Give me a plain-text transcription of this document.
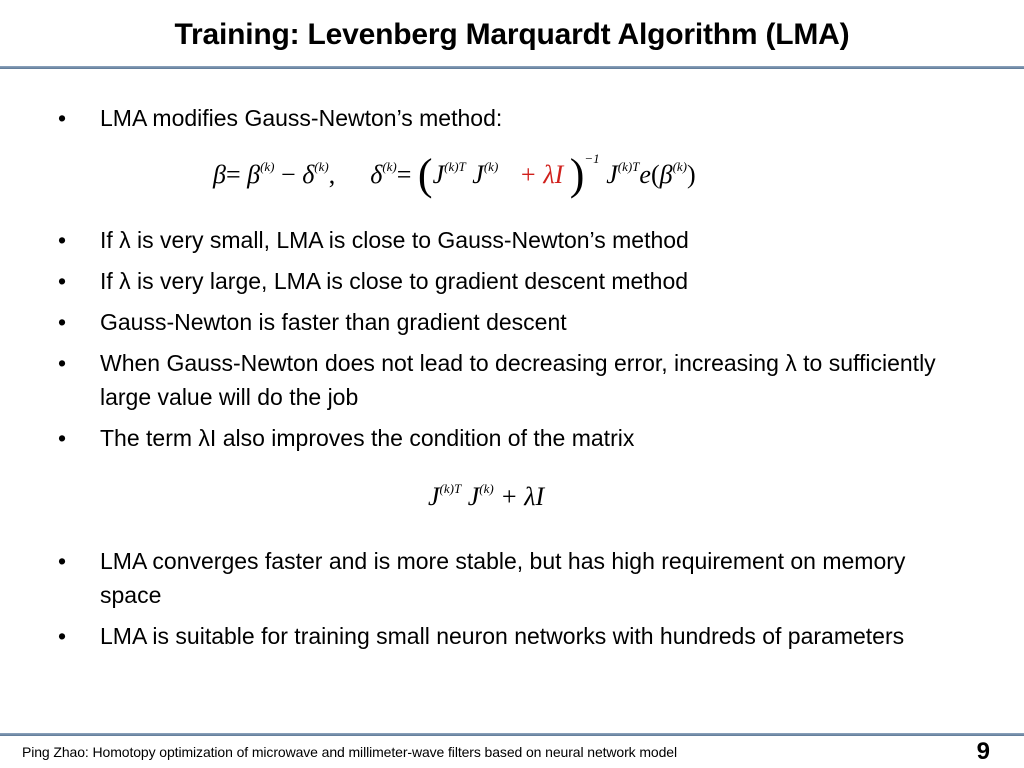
Training: Levenberg Marquardt Algorithm (LMA)
• LMA modifies Gauss-Newton’s method:
$\beta= \beta^{(k)} - \delta^{(k)}$, $\delta^{(k)}= (J^{(k)T}$ $J^{(k)} + \lambda I$ )$^{-1}$ $J^{(k)T}e(\beta^{(k)})$
• If λ is very small, LMA is close to Gauss-Newton’s method
• If λ is very large, LMA is close to gradient descent method
• Gauss-Newton is faster than gradient descent
• When Gauss-Newton does not lead to decreasing error, increasing λ to sufficiently large value will do the job
• The term λI also improves the condition of the matrix
$J^{(k)T}$ $J^{(k)} + \lambda I$
• LMA converges faster and is more stable, but has high requirement on memory space
• LMA is suitable for training small neuron networks with hundreds of parameters
Ping Zhao: Homotopy optimization of microwave and millimeter-wave filters based on neural network model	9
